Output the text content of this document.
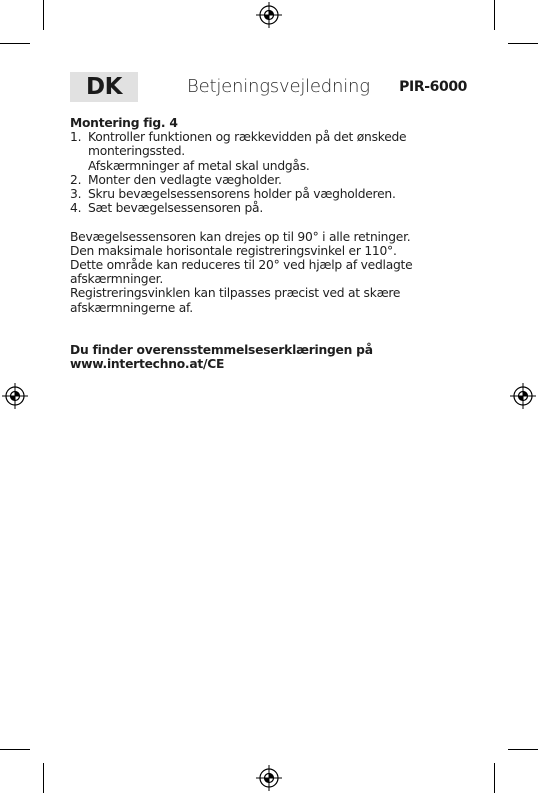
DK	Betjeningsvejledning PIR-6000
Montering fig. 4
1. Kontroller funktionen og rækkevidden på det ønskede
monteringssted.
Afskærmninger af metal skal undgås.
2. Monter den vedlagte vægholder.
3. Skru bevægelsessensorens holder på vægholderen.
4. Sæt bevægelsessensoren på.
Bevægelsessensoren kan drejes op til 90° i alle retninger.
Den maksimale horisontale registreringsvinkel er 110°.
Dette område kan reduceres til 20° ved hjælp af vedlagte
afskærmninger.
Registreringsvinklen kan tilpasses præcist ved at skære
afskærmningerne af.
Du finder overensstemmelseserklæringen på
www.intertechno.at/CE
